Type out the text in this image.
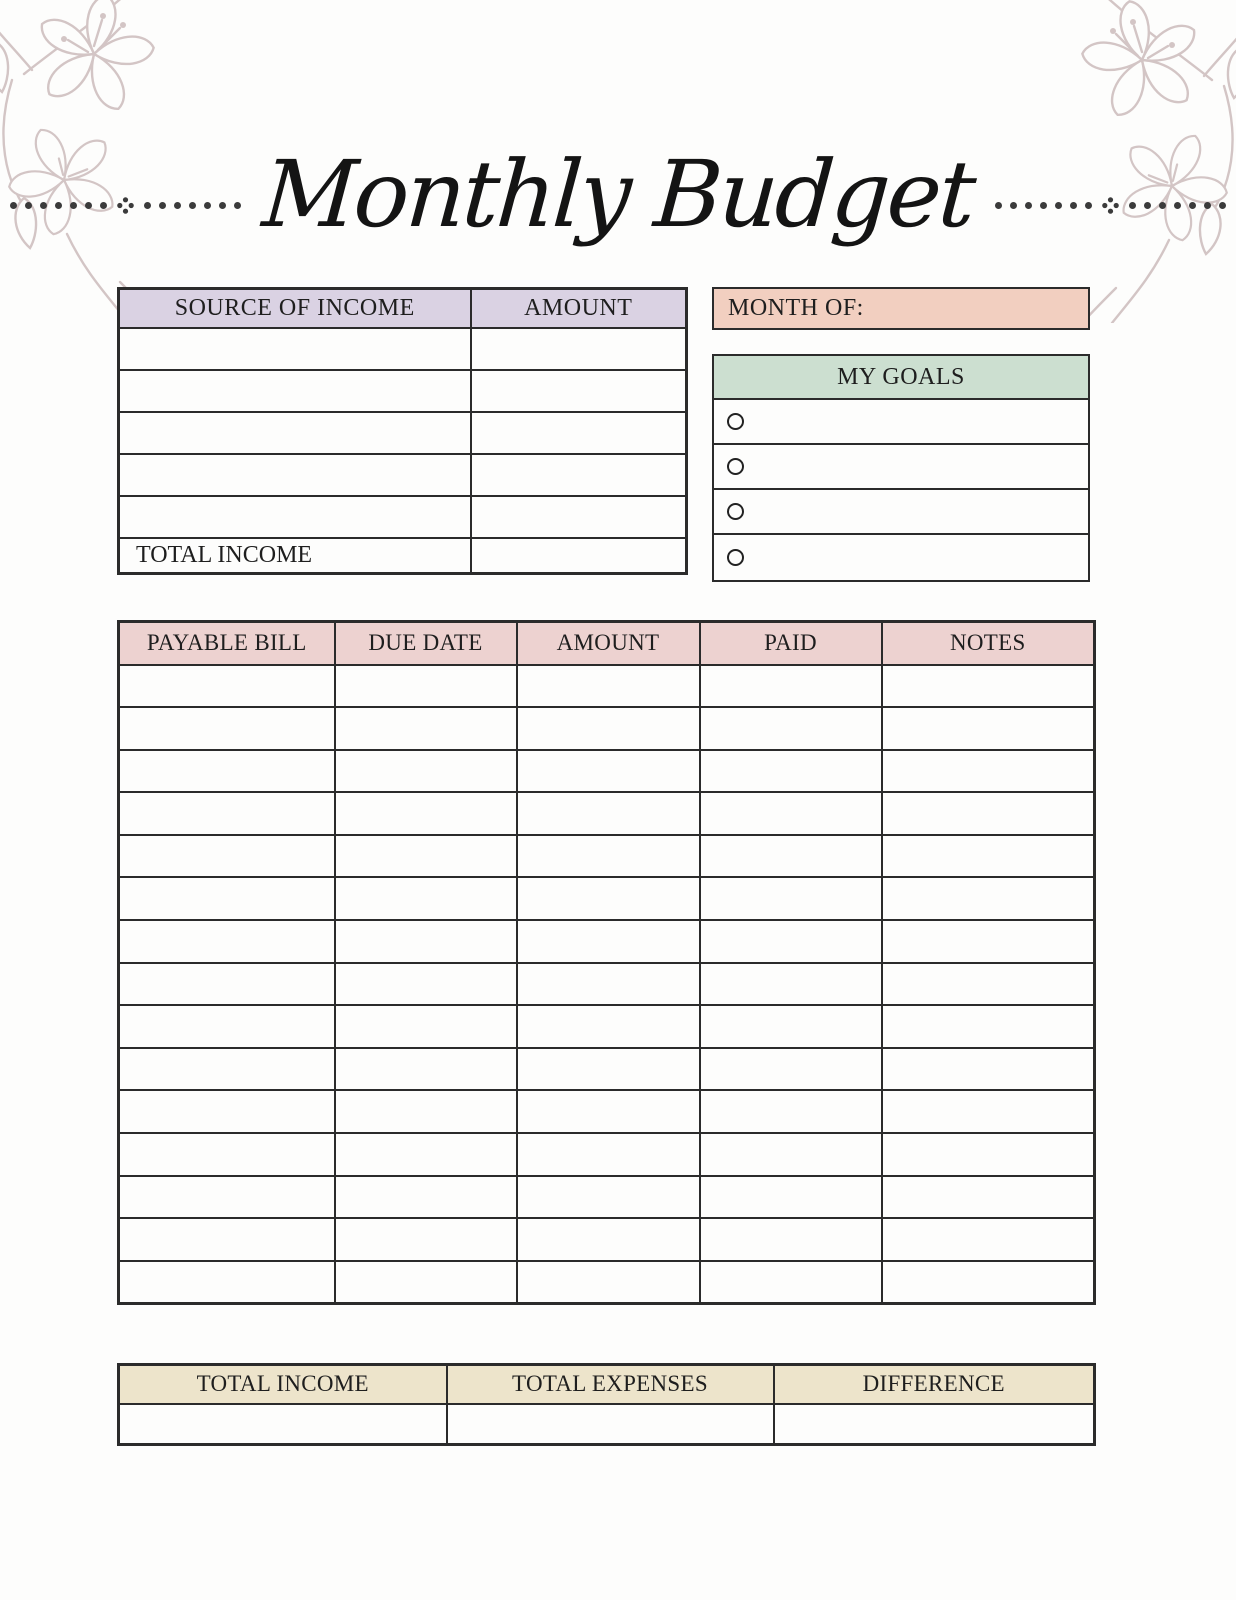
Monthly Budget
SOURCE OF INCOME	AMOUNT

TOTAL INCOME	
MONTH OF:
MY GOALS
PAYABLE BILL	DUE DATE	AMOUNT	PAID	NOTES

TOTAL INCOME	TOTAL EXPENSES	DIFFERENCE
